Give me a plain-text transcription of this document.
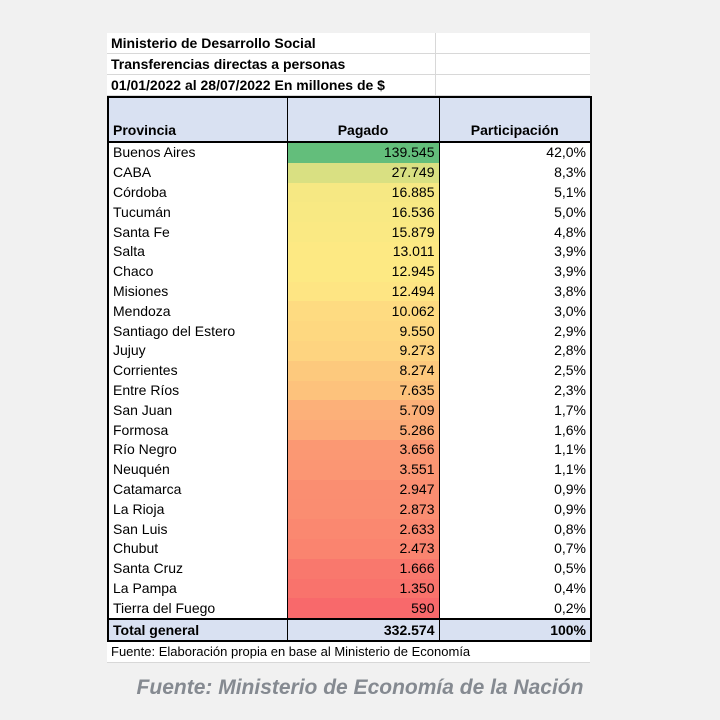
Ministerio de Desarrollo Social
Transferencias directas a personas
01/01/2022 al 28/07/2022 En millones de $
Provincia	Pagado	Participación
Buenos Aires	139.545	42,0%
CABA	27.749	8,3%
Córdoba	16.885	5,1%
Tucumán	16.536	5,0%
Santa Fe	15.879	4,8%
Salta	13.011	3,9%
Chaco	12.945	3,9%
Misiones	12.494	3,8%
Mendoza	10.062	3,0%
Santiago del Estero	9.550	2,9%
Jujuy	9.273	2,8%
Corrientes	8.274	2,5%
Entre Ríos	7.635	2,3%
San Juan	5.709	1,7%
Formosa	5.286	1,6%
Río Negro	3.656	1,1%
Neuquén	3.551	1,1%
Catamarca	2.947	0,9%
La Rioja	2.873	0,9%
San Luis	2.633	0,8%
Chubut	2.473	0,7%
Santa Cruz	1.666	0,5%
La Pampa	1.350	0,4%
Tierra del Fuego	590	0,2%
Total general	332.574	100%
Fuente: Elaboración propia en base al Ministerio de Economía
Fuente: Ministerio de Economía de la Nación
